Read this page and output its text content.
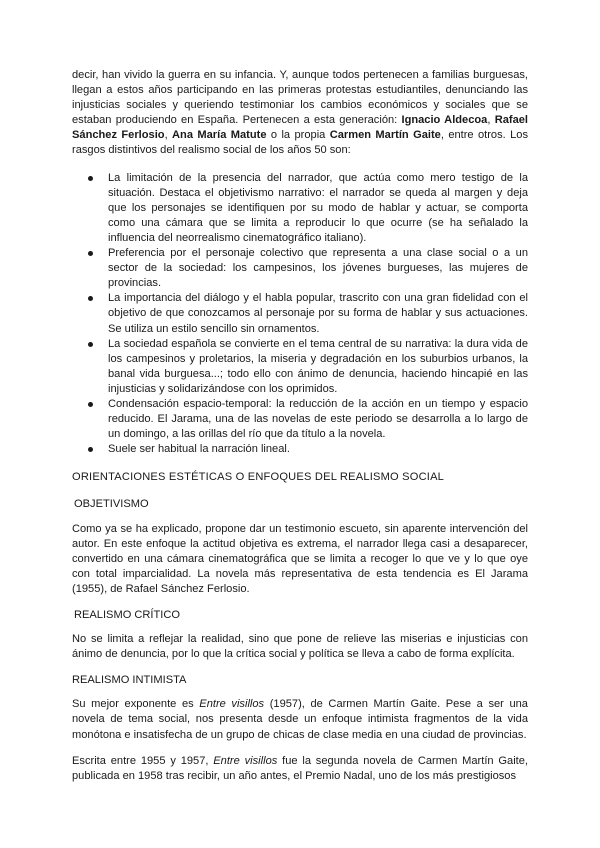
decir, han vivido la guerra en su infancia. Y, aunque todos pertenecen a familias burguesas, llegan a estos años participando en las primeras protestas estudiantiles, denunciando las injusticias sociales y queriendo testimoniar los cambios económicos y sociales que se estaban produciendo en España. Pertenecen a esta generación: Ignacio Aldecoa, Rafael Sánchez Ferlosio, Ana María Matute o la propia Carmen Martín Gaite, entre otros. Los rasgos distintivos del realismo social de los años 50 son:

La limitación de la presencia del narrador, que actúa como mero testigo de la situación. Destaca el objetivismo narrativo: el narrador se queda al margen y deja que los personajes se identifiquen por su modo de hablar y actuar, se comporta como una cámara que se limita a reproducir lo que ocurre (se ha señalado la influencia del neorrealismo cinematográfico italiano).
Preferencia por el personaje colectivo que representa a una clase social o a un sector de la sociedad: los campesinos, los jóvenes burgueses, las mujeres de provincias.
La importancia del diálogo y el habla popular, trascrito con una gran fidelidad con el objetivo de que conozcamos al personaje por su forma de hablar y sus actuaciones. Se utiliza un estilo sencillo sin ornamentos.
La sociedad española se convierte en el tema central de su narrativa: la dura vida de los campesinos y proletarios, la miseria y degradación en los suburbios urbanos, la banal vida burguesa...; todo ello con ánimo de denuncia, haciendo hincapié en las injusticias y solidarizándose con los oprimidos.
Condensación espacio-temporal: la reducción de la acción en un tiempo y espacio reducido. El Jarama, una de las novelas de este periodo se desarrolla a lo largo de un domingo, a las orillas del río que da título a la novela.
Suele ser habitual la narración lineal.

ORIENTACIONES ESTÉTICAS O ENFOQUES DEL REALISMO SOCIAL

OBJETIVISMO

Como ya se ha explicado, propone dar un testimonio escueto, sin aparente intervención del autor. En este enfoque la actitud objetiva es extrema, el narrador llega casi a desaparecer, convertido en una cámara cinematográfica que se limita a recoger lo que ve y lo que oye con total imparcialidad. La novela más representativa de esta tendencia es El Jarama (1955), de Rafael Sánchez Ferlosio.

REALISMO CRÍTICO

No se limita a reflejar la realidad, sino que pone de relieve las miserias e injusticias con ánimo de denuncia, por lo que la crítica social y política se lleva a cabo de forma explícita.

REALISMO INTIMISTA

Su mejor exponente es Entre visillos (1957), de Carmen Martín Gaite. Pese a ser una novela de tema social, nos presenta desde un enfoque intimista fragmentos de la vida monótona e insatisfecha de un grupo de chicas de clase media en una ciudad de provincias.

Escrita entre 1955 y 1957, Entre visillos fue la segunda novela de Carmen Martín Gaite, publicada en 1958 tras recibir, un año antes, el Premio Nadal, uno de los más prestigiosos
